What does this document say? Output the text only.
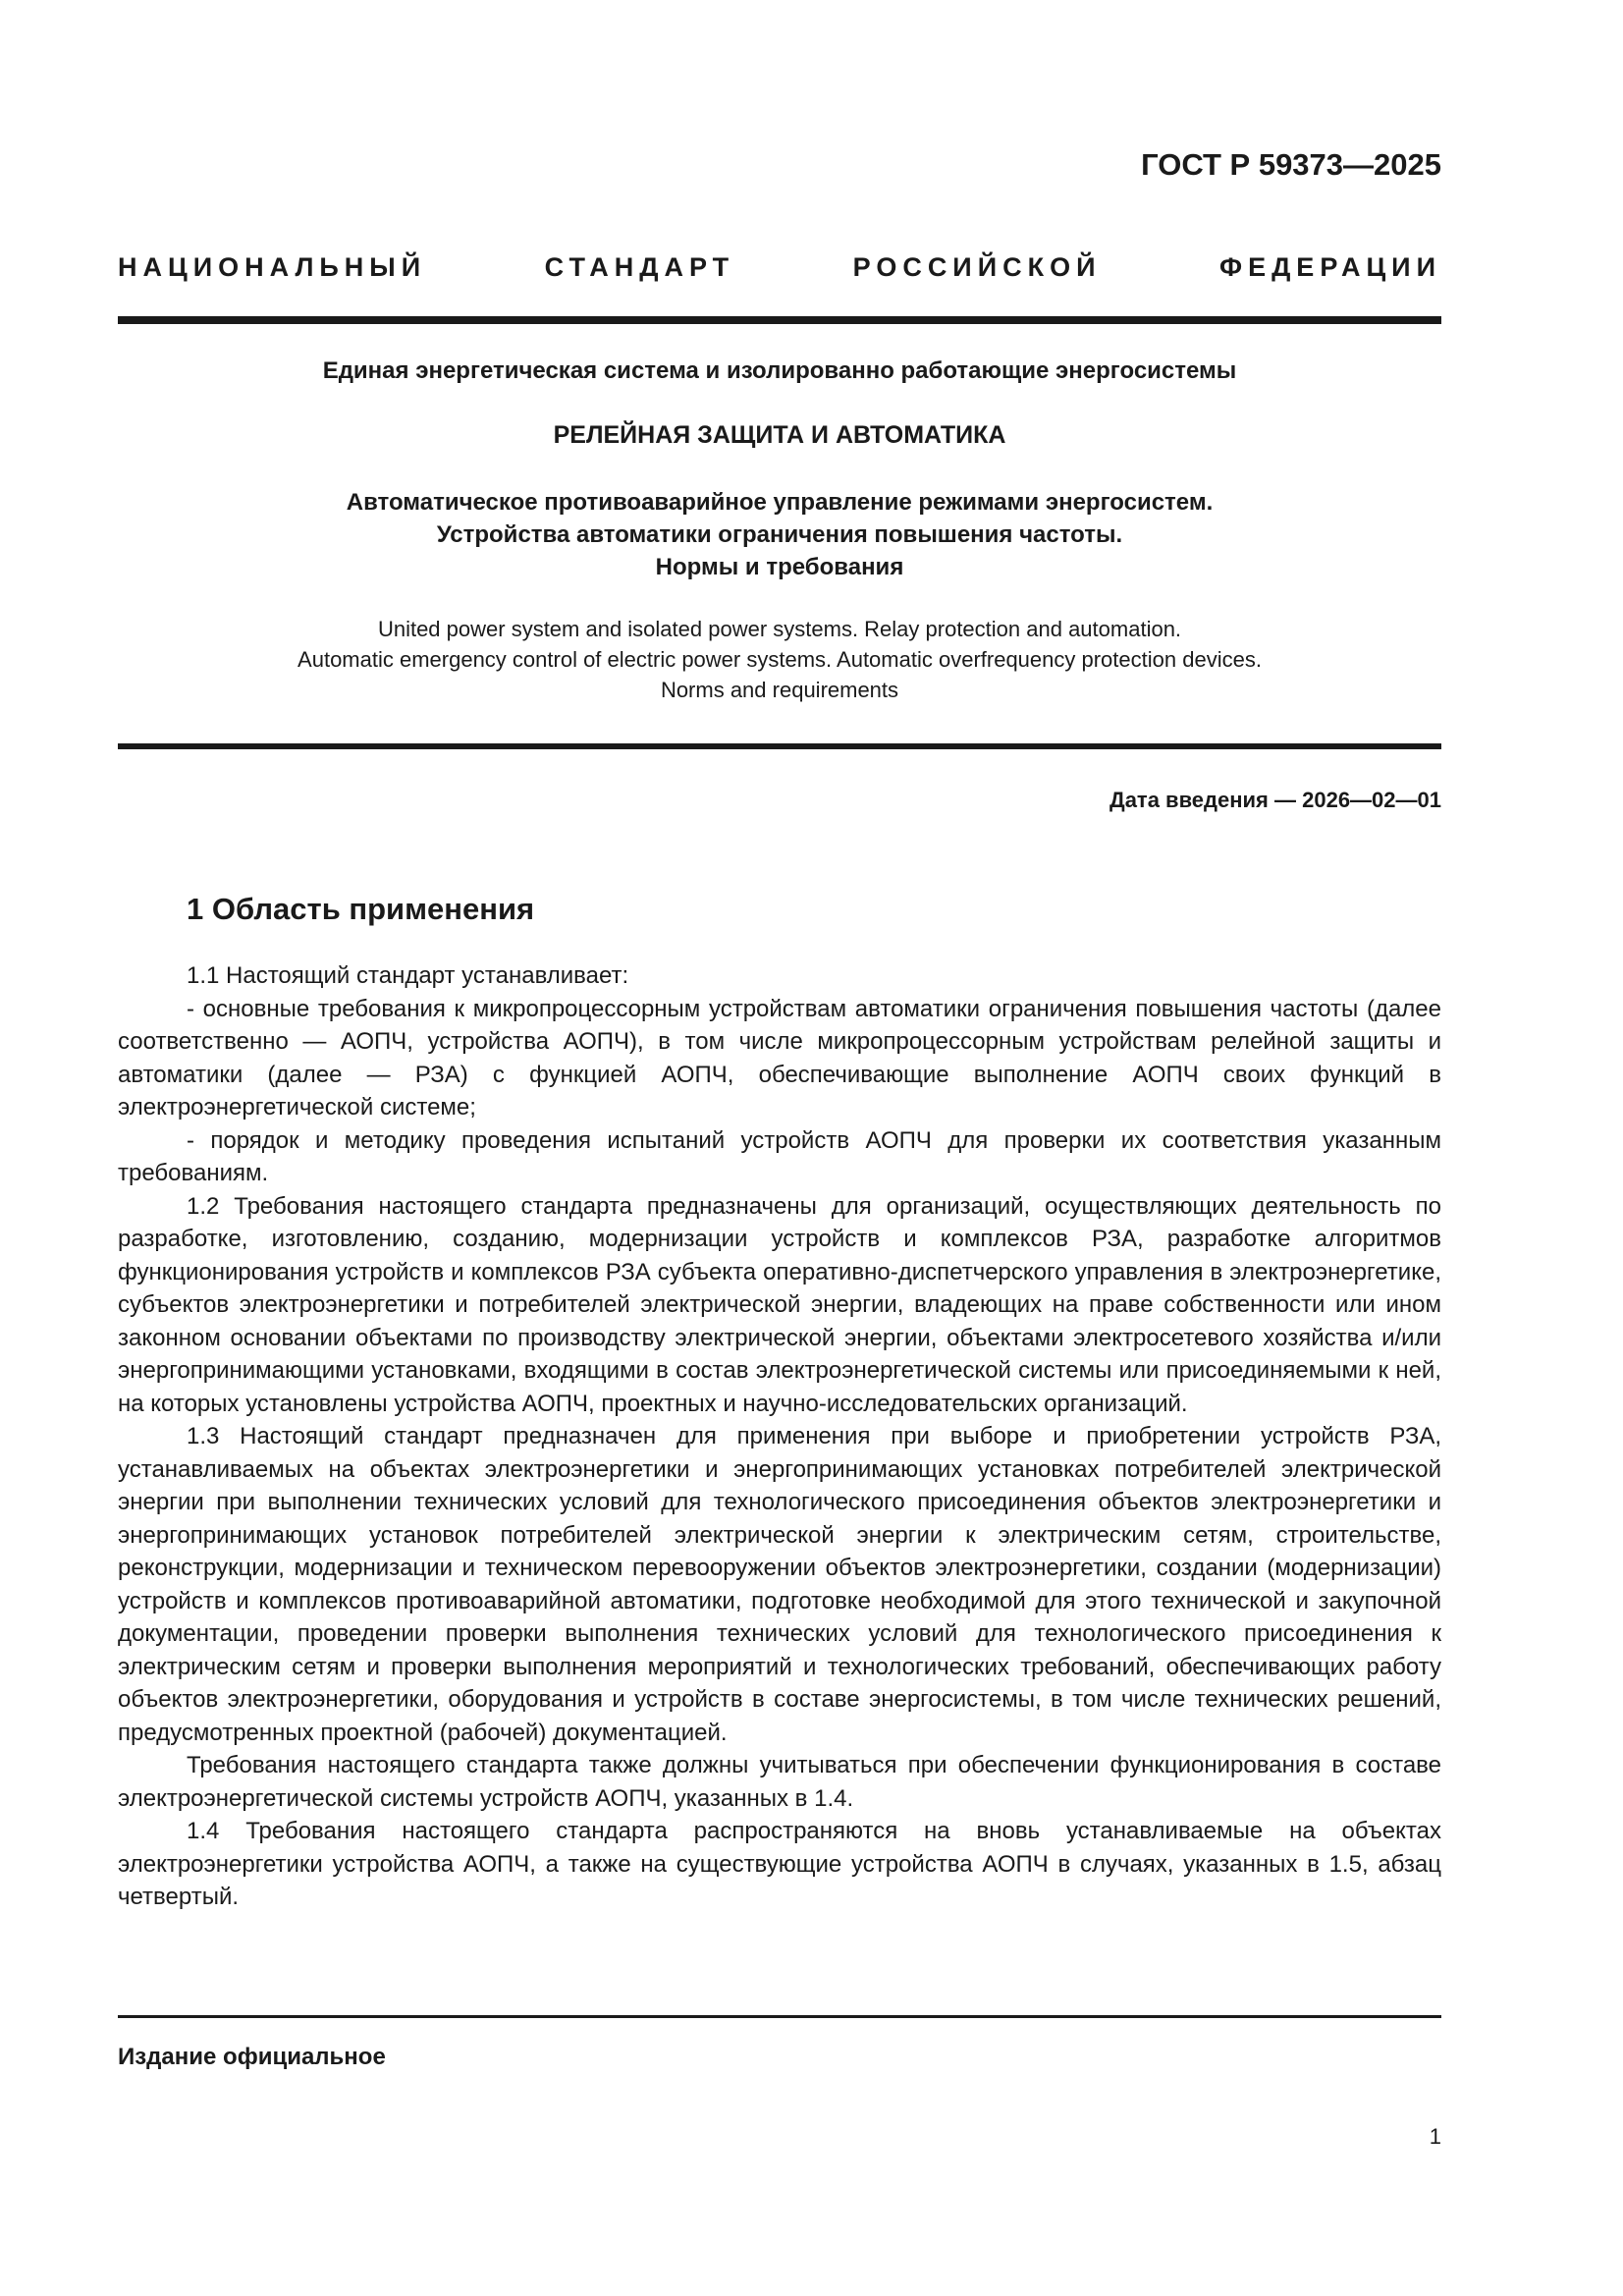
ГОСТ Р 59373—2025

НАЦИОНАЛЬНЫЙ СТАНДАРТ РОССИЙСКОЙ ФЕДЕРАЦИИ

Единая энергетическая система и изолированно работающие энергосистемы

РЕЛЕЙНАЯ ЗАЩИТА И АВТОМАТИКА

Автоматическое противоаварийное управление режимами энергосистем.
Устройства автоматики ограничения повышения частоты.
Нормы и требования

United power system and isolated power systems. Relay protection and automation.
Automatic emergency control of electric power systems. Automatic overfrequency protection devices.
Norms and requirements

Дата введения — 2026—02—01

1 Область применения

1.1 Настоящий стандарт устанавливает:

- основные требования к микропроцессорным устройствам автоматики ограничения повышения частоты (далее соответственно — АОПЧ, устройства АОПЧ), в том числе микропроцессорным устройствам релейной защиты и автоматики (далее — РЗА) с функцией АОПЧ, обеспечивающие выполнение АОПЧ своих функций в электроэнергетической системе;

- порядок и методику проведения испытаний устройств АОПЧ для проверки их соответствия указанным требованиям.

1.2 Требования настоящего стандарта предназначены для организаций, осуществляющих деятельность по разработке, изготовлению, созданию, модернизации устройств и комплексов РЗА, разработке алгоритмов функционирования устройств и комплексов РЗА субъекта оперативно-диспетчерского управления в электроэнергетике, субъектов электроэнергетики и потребителей электрической энергии, владеющих на праве собственности или ином законном основании объектами по производству электрической энергии, объектами электросетевого хозяйства и/или энергопринимающими установками, входящими в состав электроэнергетической системы или присоединяемыми к ней, на которых установлены устройства АОПЧ, проектных и научно-исследовательских организаций.

1.3 Настоящий стандарт предназначен для применения при выборе и приобретении устройств РЗА, устанавливаемых на объектах электроэнергетики и энергопринимающих установках потребителей электрической энергии при выполнении технических условий для технологического присоединения объектов электроэнергетики и энергопринимающих установок потребителей электрической энергии к электрическим сетям, строительстве, реконструкции, модернизации и техническом перевооружении объектов электроэнергетики, создании (модернизации) устройств и комплексов противоаварийной автоматики, подготовке необходимой для этого технической и закупочной документации, проведении проверки выполнения технических условий для технологического присоединения к электрическим сетям и проверки выполнения мероприятий и технологических требований, обеспечивающих работу объектов электроэнергетики, оборудования и устройств в составе энергосистемы, в том числе технических решений, предусмотренных проектной (рабочей) документацией.

Требования настоящего стандарта также должны учитываться при обеспечении функционирования в составе электроэнергетической системы устройств АОПЧ, указанных в 1.4.

1.4 Требования настоящего стандарта распространяются на вновь устанавливаемые на объектах электроэнергетики устройства АОПЧ, а также на существующие устройства АОПЧ в случаях, указанных в 1.5, абзац четвертый.

Издание официальное

1
